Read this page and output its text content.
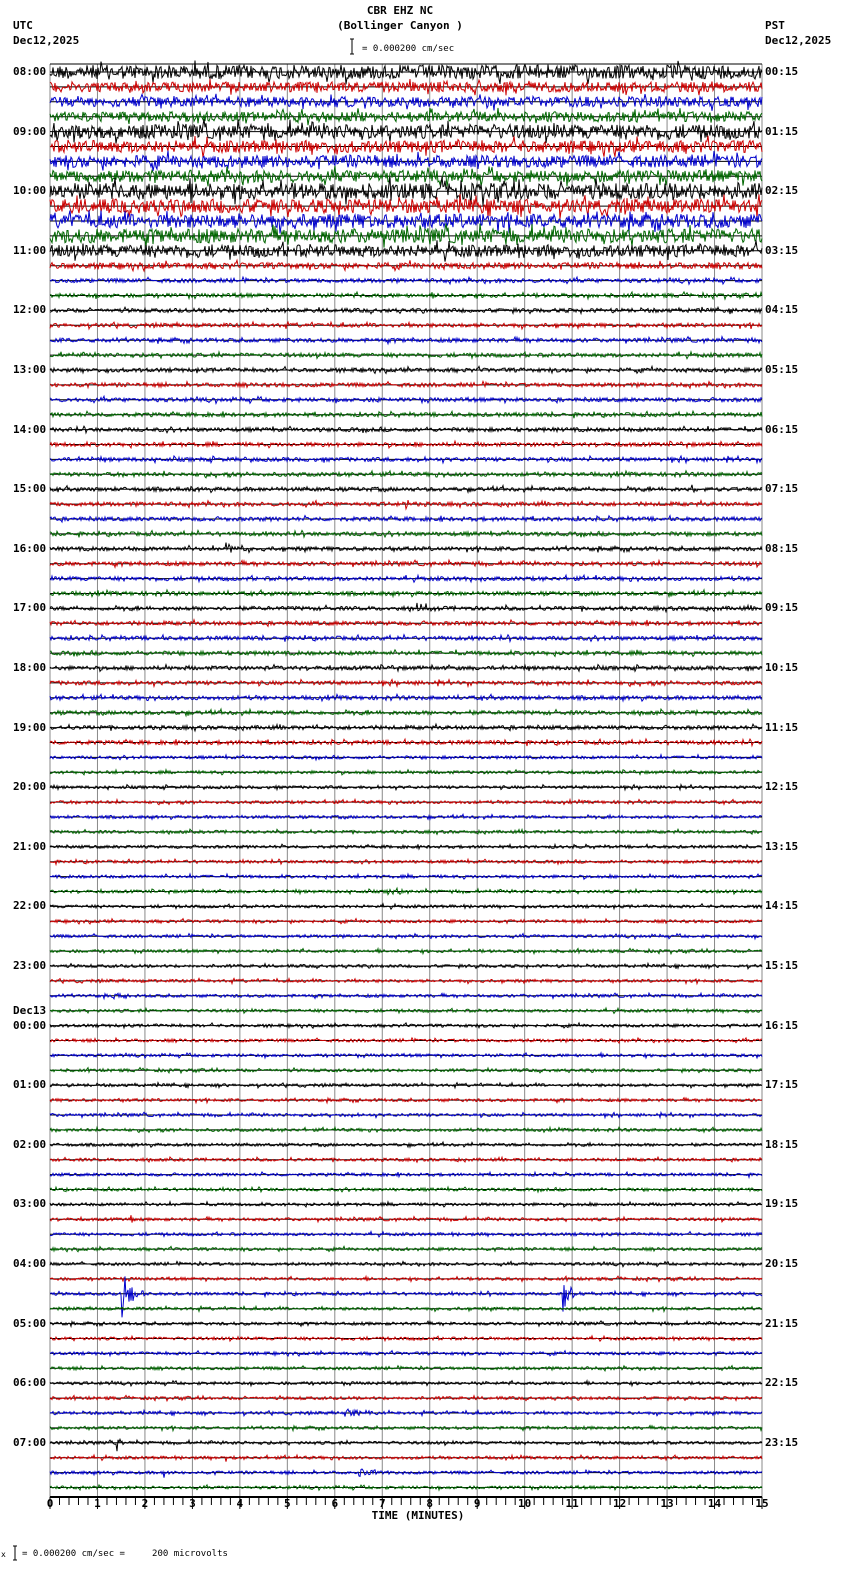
CBR EHZ NC
(Bollinger Canyon )
= 0.000200 cm/sec
UTC
Dec12,2025
PST
Dec12,2025
08:00
09:00
10:00
11:00
12:00
13:00
14:00
15:00
16:00
17:00
18:00
19:00
20:00
21:00
22:00
23:00
00:00
Dec13
01:00
02:00
03:00
04:00
05:00
06:00
07:00
00:15
01:15
02:15
03:15
04:15
05:15
06:15
07:15
08:15
09:15
10:15
11:15
12:15
13:15
14:15
15:15
16:15
17:15
18:15
19:15
20:15
21:15
22:15
23:15
0	1	2	3	4	5	6	7	8	9	10	11	12	13	14	15
TIME (MINUTES)
x = 0.000200 cm/sec =     200 microvolts
